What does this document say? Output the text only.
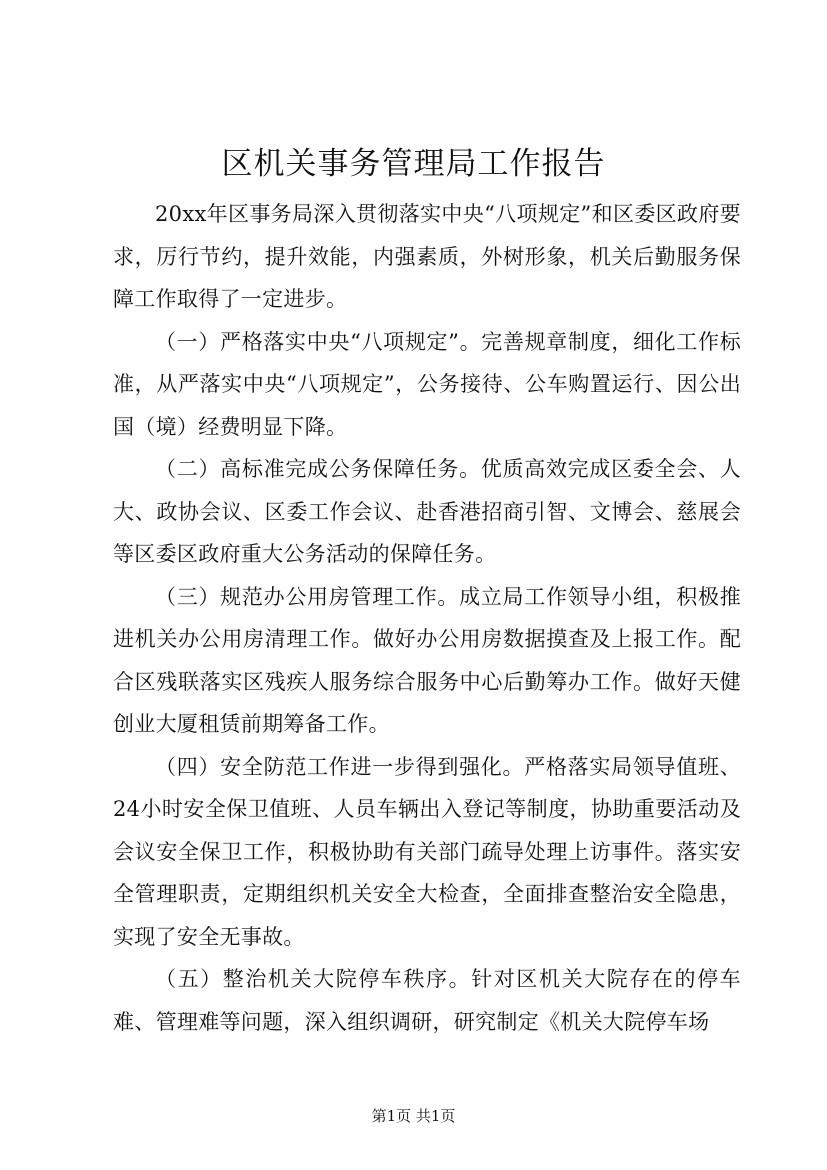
区机关事务管理局工作报告

20xx年区事务局深入贯彻落实中央“八项规定”和区委区政府要求，厉行节约，提升效能，内强素质，外树形象，机关后勤服务保障工作取得了一定进步。

（一）严格落实中央“八项规定”。完善规章制度，细化工作标准，从严落实中央“八项规定”，公务接待、公车购置运行、因公出国（境）经费明显下降。

（二）高标准完成公务保障任务。优质高效完成区委全会、人大、政协会议、区委工作会议、赴香港招商引智、文博会、慈展会等区委区政府重大公务活动的保障任务。

（三）规范办公用房管理工作。成立局工作领导小组，积极推进机关办公用房清理工作。做好办公用房数据摸查及上报工作。配合区残联落实区残疾人服务综合服务中心后勤筹办工作。做好天健创业大厦租赁前期筹备工作。

（四）安全防范工作进一步得到强化。严格落实局领导值班、24小时安全保卫值班、人员车辆出入登记等制度，协助重要活动及会议安全保卫工作，积极协助有关部门疏导处理上访事件。落实安全管理职责，定期组织机关安全大检查，全面排查整治安全隐患，实现了安全无事故。

（五）整治机关大院停车秩序。针对区机关大院存在的停车难、管理难等问题，深入组织调研，研究制定《机关大院停车场

第1页 共1页
